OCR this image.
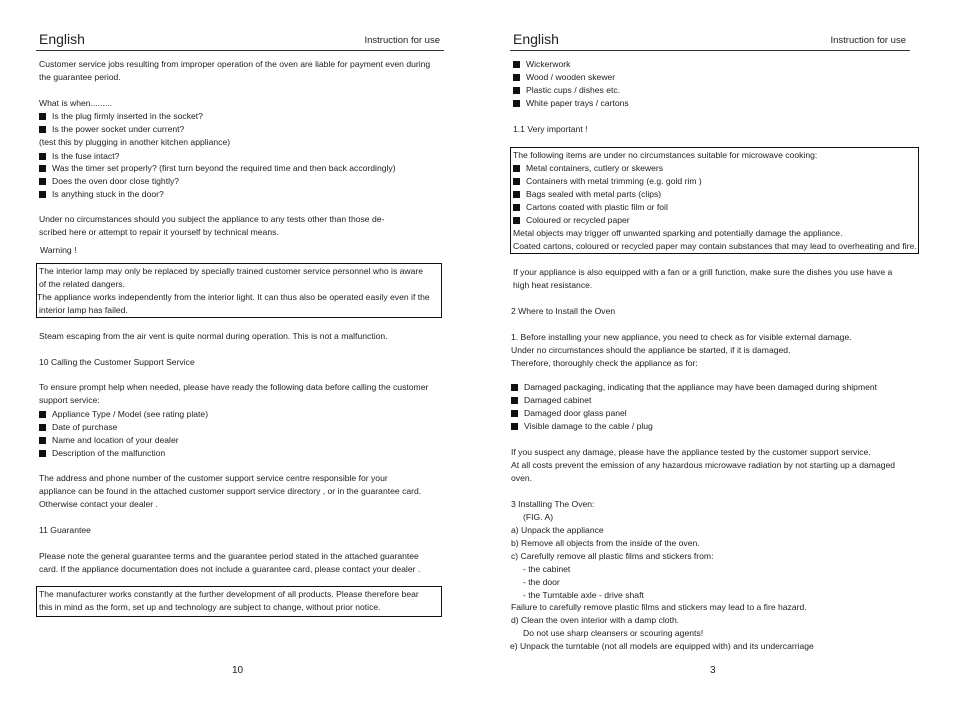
English	Instruction for use
Customer service jobs resulting from improper operation of the oven are liable for payment even during
the guarantee period.
What is when.........
Is the plug firmly inserted in the socket?
Is the power socket under current?
(test this by plugging in another kitchen appliance)
Is the fuse intact?
Was the timer set properly? (first turn beyond the required time and then back accordingly)
Does the oven door close tightly?
Is anything stuck in the door?
Under no circumstances should you subject the appliance to any tests other than those de-
scribed here or attempt to repair it yourself by technical means.
Warning !
The interior lamp may only be replaced by specially trained customer service personnel who is aware
of the related dangers.
The appliance works independently from the interior light. It can thus also be operated easily even if the
interior lamp has failed.
Steam escaping from the air vent is quite normal during operation. This is not a malfunction.
10 Calling the Customer Support Service
To ensure prompt help when needed, please have ready the following data before calling the customer
support service:
Appliance Type / Model (see rating plate)
Date of purchase
Name and location of your dealer
Description of the malfunction
The address and phone number of the customer support service centre responsible for your
appliance can be found in the attached customer support service directory , or in the guarantee card.
Otherwise contact your dealer .
11 Guarantee
Please note the general guarantee terms and the guarantee period stated in the attached guarantee
card. If the appliance documentation does not include a guarantee card, please contact your dealer .
The manufacturer works constantly at the further development of all products. Please therefore bear
this in mind as the form, set up and technology are subject to change, without prior notice.
10
English	Instruction for use
Wickerwork
Wood / wooden skewer
Plastic cups / dishes etc.
White paper trays / cartons
1.1 Very important !
The following items are under no circumstances suitable for microwave cooking:
Metal containers, cutlery or skewers
Containers with metal trimming (e.g. gold rim )
Bags sealed with metal parts (clips)
Cartons coated with plastic film or foil
Coloured or recycled paper
Metal objects may trigger off unwanted sparking and potentially damage the appliance.
Coated cartons, coloured or recycled paper may contain substances that may lead to overheating and fire.
If your appliance is also equipped with a fan or a grill function, make sure the dishes you use have a
high heat resistance.
2 Where to Install the Oven
1. Before installing your new appliance, you need to check as for visible external damage.
Under no circumstances should the appliance be started, if it is damaged.
Therefore, thoroughly check the appliance as for:
Damaged packaging, indicating that the appliance may have been damaged during shipment
Damaged cabinet
Damaged door glass panel
Visible damage to the cable / plug
If you suspect any damage, please have the appliance tested by the customer support service.
At all costs prevent the emission of any hazardous microwave radiation by not starting up a damaged
oven.
3 Installing The Oven:
(FIG. A)
a) Unpack the appliance
b) Remove all objects from the inside of the oven.
c) Carefully remove all plastic films and stickers from:
- the cabinet
- the door
- the Turntable axle - drive shaft
Failure to carefully remove plastic films and stickers may lead to a fire hazard.
d) Clean the oven interior with a damp cloth.
Do not use sharp cleansers or scouring agents!
e) Unpack the turntable (not all models are equipped with) and its undercarriage
3
